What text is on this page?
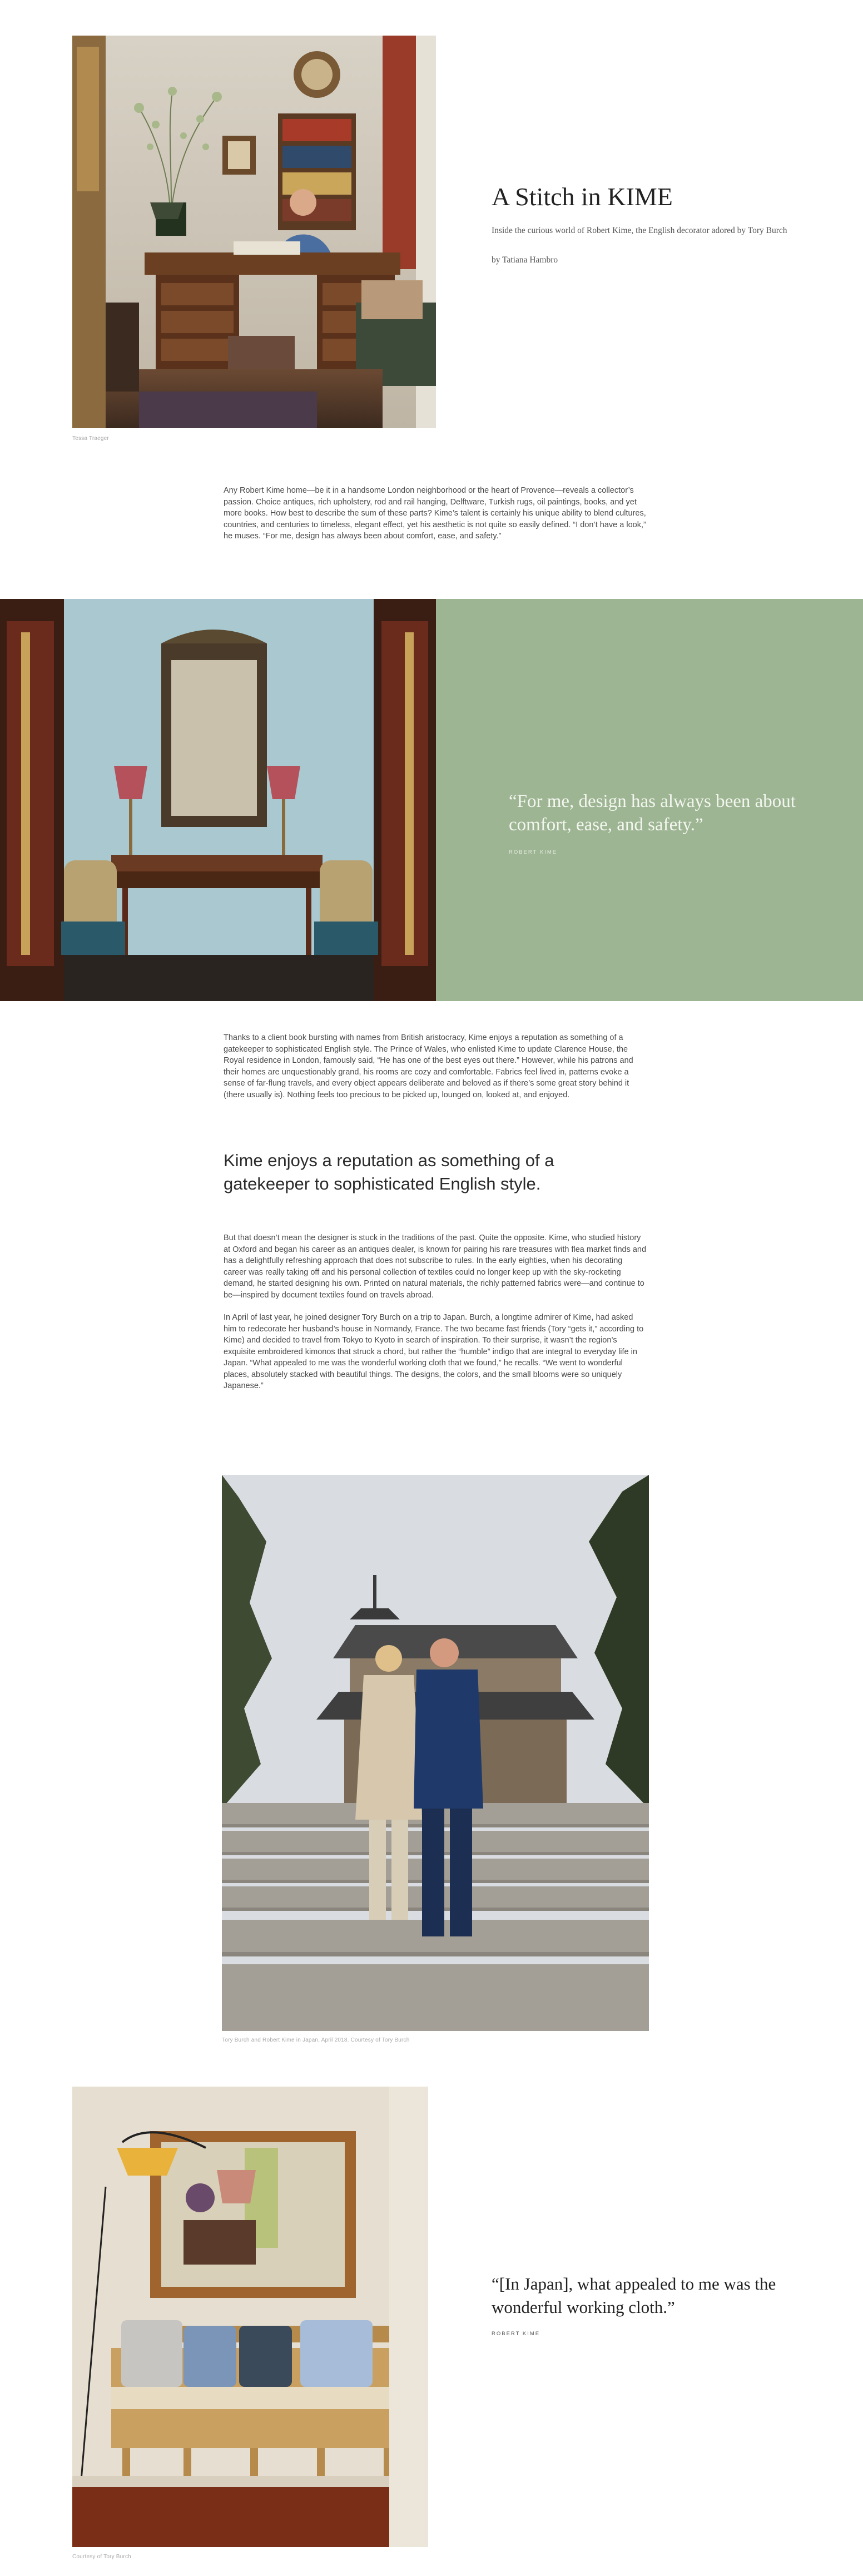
Tessa Traeger
A Stitch in KIME

Inside the curious world of Robert Kime, the English decorator adored by Tory Burch

by Tatiana Hambro

Any Robert Kime home—be it in a handsome London neighborhood or the heart of Provence—reveals a collector’s passion. Choice antiques, rich upholstery, rod and rail hanging, Delftware, Turkish rugs, oil paintings, books, and yet more books. How best to describe the sum of these parts? Kime’s talent is certainly his unique ability to blend cultures, countries, and centuries to timeless, elegant effect, yet his aesthetic is not quite so easily defined. “I don’t have a look,” he muses. “For me, design has always been about comfort, ease, and safety.”

“For me, design has always been about comfort, ease, and safety.”

ROBERT KIME

Thanks to a client book bursting with names from British aristocracy, Kime enjoys a reputation as something of a gatekeeper to sophisticated English style. The Prince of Wales, who enlisted Kime to update Clarence House, the Royal residence in London, famously said, “He has one of the best eyes out there.” However, while his patrons and their homes are unquestionably grand, his rooms are cozy and comfortable. Fabrics feel lived in, patterns evoke a sense of far-flung travels, and every object appears deliberate and beloved as if there’s some great story behind it (there usually is). Nothing feels too precious to be picked up, lounged on, looked at, and enjoyed.

Kime enjoys a reputation as something of a gatekeeper to sophisticated English style.

But that doesn’t mean the designer is stuck in the traditions of the past. Quite the opposite. Kime, who studied history at Oxford and began his career as an antiques dealer, is known for pairing his rare treasures with flea market finds and has a delightfully refreshing approach that does not subscribe to rules. In the early eighties, when his decorating career was really taking off and his personal collection of textiles could no longer keep up with the sky-rocketing demand, he started designing his own. Printed on natural materials, the richly patterned fabrics were—and continue to be—inspired by document textiles found on travels abroad.

In April of last year, he joined designer Tory Burch on a trip to Japan. Burch, a longtime admirer of Kime, had asked him to redecorate her husband’s house in Normandy, France. The two became fast friends (Tory “gets it,” according to Kime) and decided to travel from Tokyo to Kyoto in search of inspiration. To their surprise, it wasn’t the region’s exquisite embroidered kimonos that struck a chord, but rather the “humble” indigo that are integral to everyday life in Japan. “What appealed to me was the wonderful working cloth that we found,” he recalls. “We went to wonderful places, absolutely stacked with beautiful things. The designs, the colors, and the small blooms were so uniquely Japanese.”

Tory Burch and Robert Kime in Japan, April 2018. Courtesy of Tory Burch
Courtesy of Tory Burch

“[In Japan], what appealed to me was the wonderful working cloth.”

ROBERT KIME
